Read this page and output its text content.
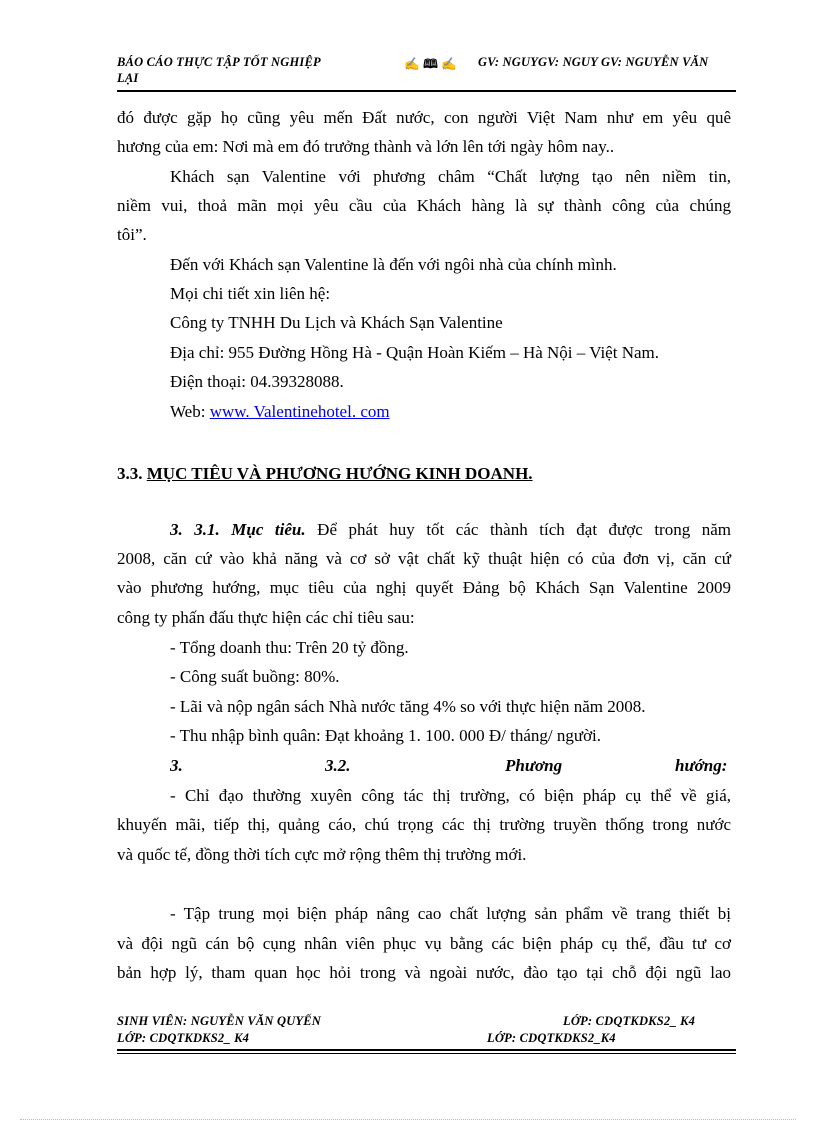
BÁO CÁO THỰC TẬP TỐT NGHIỆP
LẠI
✍ 🕮 ✍ GV: NGUYGV: NGUY GV: NGUYỄN VĂN
đó được gặp họ cũng yêu mến Đất nước, con người Việt Nam như em yêu quê
hương của em: Nơi mà em đó trưởng thành và lớn lên tới ngày hôm nay..
Khách sạn Valentine với phương châm “Chất lượng tạo nên niềm tin,
niềm vui, thoả mãn mọi yêu cầu của Khách hàng là sự thành công của chúng
tôi”.
Đến với Khách sạn Valentine là đến với ngôi nhà của chính mình.
Mọi chi tiết xin liên hệ:
Công ty TNHH Du Lịch và Khách Sạn Valentine
Địa chỉ: 955 Đường Hồng Hà - Quận Hoàn Kiếm – Hà Nội – Việt Nam.
Điện thoại: 04.39328088.
Web: www. Valentinehotel. com
3.3. MỤC TIÊU VÀ PHƯƠNG HƯỚNG KINH DOANH.
3. 3.1. Mục tiêu. Để phát huy tốt các thành tích đạt được trong năm
2008, căn cứ vào khả năng và cơ sở vật chất kỹ thuật hiện có của đơn vị, căn cứ
vào phương hướng, mục tiêu của nghị quyết Đảng bộ Khách Sạn Valentine 2009
công ty phấn đấu thực hiện các chỉ tiêu sau:
- Tổng doanh thu: Trên 20 tỷ đồng.
- Công suất buồng: 80%.
- Lãi và nộp ngân sách Nhà nước tăng 4% so với thực hiện năm 2008.
- Thu nhập bình quân: Đạt khoảng 1. 100. 000 Đ/ tháng/ người.
3.	3.2.	Phương	hướng:
- Chỉ đạo thường xuyên công tác thị trường, có biện pháp cụ thể về giá,
khuyến mãi, tiếp thị, quảng cáo, chú trọng các thị trường truyền thống trong nước
và quốc tế, đồng thời tích cực mở rộng thêm thị trường mới.
- Tập trung mọi biện pháp nâng cao chất lượng sản phẩm về trang thiết bị
và đội ngũ cán bộ cụng nhân viên phục vụ bằng các biện pháp cụ thể, đầu tư cơ
bản hợp lý, tham quan học hỏi trong và ngoài nước, đào tạo tại chỗ đội ngũ lao
SINH VIÊN: NGUYỄN VĂN QUYẾN	LỚP: CDQTKDKS2_ K4
LỚP: CDQTKDKS2_ K4	LỚP: CDQTKDKS2_K4
